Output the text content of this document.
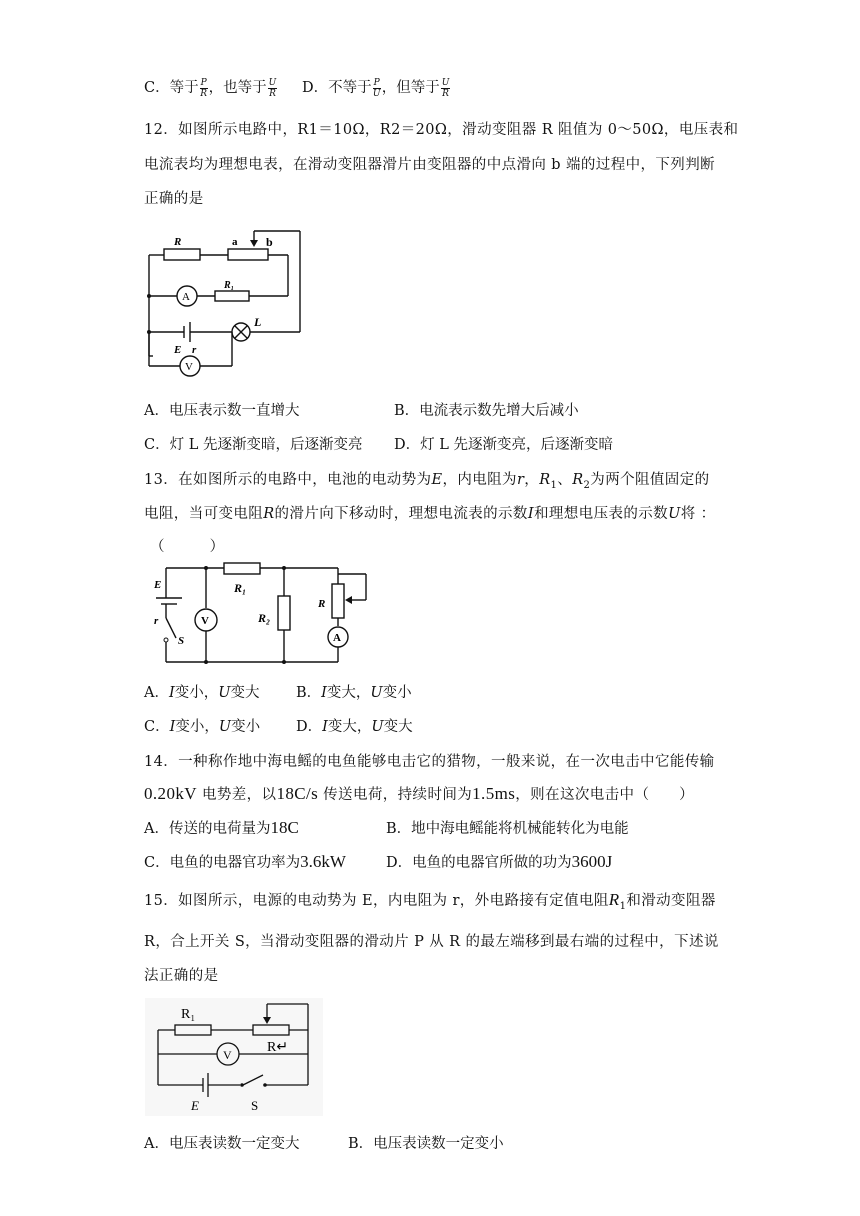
C．等于 $\frac{P}{R}$ ，也等于 $\frac{U}{R}$ D．不等于 $\frac{P}{U}$ ，但等于 $\frac{U}{R}$
12．如图所示电路中，R1＝10Ω，R2＝20Ω，滑动变阻器 R 阻值为 0～50Ω，电压表和
电流表均为理想电表，在滑动变阻器滑片由变阻器的中点滑向 b 端的过程中，下列判断
正确的是
R	a b
A
R₁
L
E r
V
A．电压表示数一直增大	B．电流表示数先增大后减小
C．灯 L 先逐渐变暗，后逐渐变亮 D．灯 L 先逐渐变亮，后逐渐变暗
13．在如图所示的电路中，电池的电动势为E，内电阻为r，$R_1$、$R_2$为两个阻值固定的
电阻，当可变电阻R的滑片向下移动时，理想电流表的示数I和理想电压表的示数U将 ：
（　　　）
E
r
S
V
R₁
R₂
R
A
A．I变小，U变大	B．I变大，U变小
C．I变小，U变小 D．I变大，U变大
14．一种称作地中海电鳐的电鱼能够电击它的猎物，一般来说，在一次电击中它能传输
0.20kV 电势差，以18C/s 传送电荷，持续时间为1.5ms，则在这次电击中（　　）
A．传送的电荷量为18C	B．地中海电鳐能将机械能转化为电能
C．电鱼的电器官功率为3.6kW	D．电鱼的电器官所做的功为3600J
15．如图所示，电源的电动势为 E，内电阻为 r，外电路接有定值电阻$R_1$和滑动变阻器
R，合上开关 S，当滑动变阻器的滑动片 P 从 R 的最左端移到最右端的过程中，下述说
法正确的是
R₁
R↵
V
E	S
A．电压表读数一定变大	B．电压表读数一定变小
